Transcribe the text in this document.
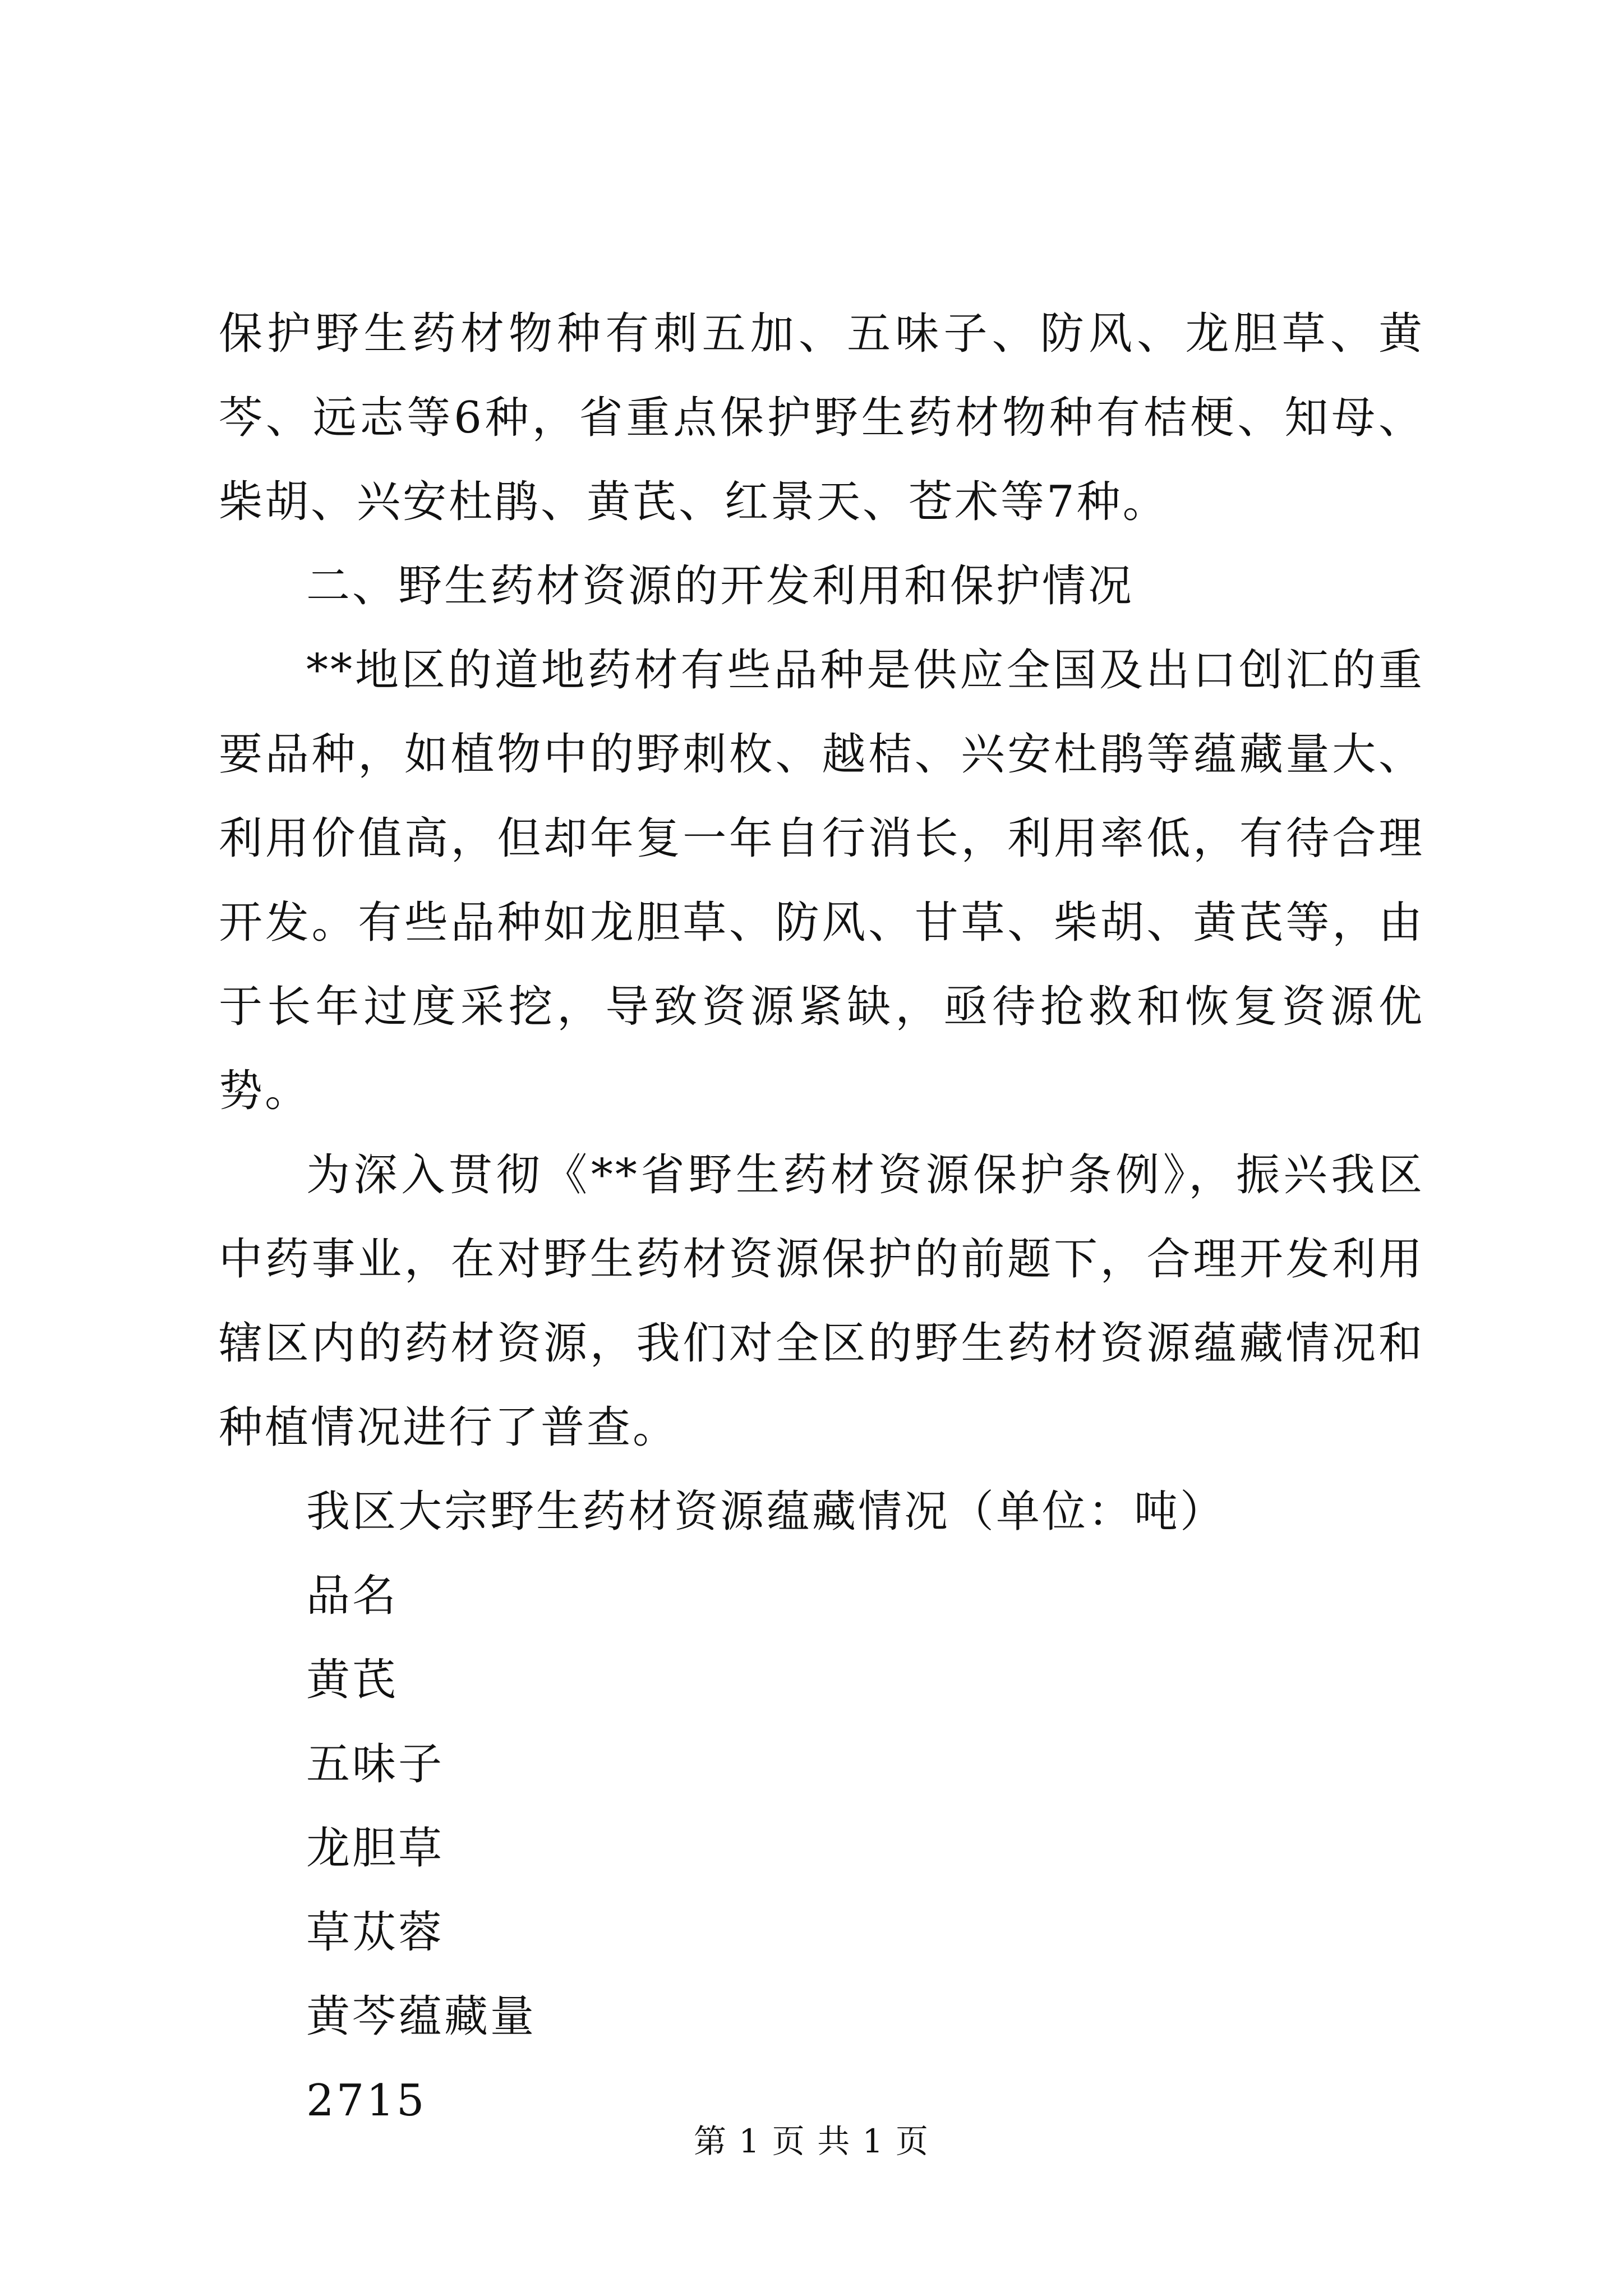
保护野生药材物种有刺五加、五味子、防风、龙胆草、黄芩、远志等6种，省重点保护野生药材物种有桔梗、知母、柴胡、兴安杜鹃、黄芪、红景天、苍术等7种。

二、野生药材资源的开发利用和保护情况

**地区的道地药材有些品种是供应全国及出口创汇的重要品种，如植物中的野刺枚、越桔、兴安杜鹃等蕴藏量大、利用价值高，但却年复一年自行消长，利用率低，有待合理开发。有些品种如龙胆草、防风、甘草、柴胡、黄芪等，由于长年过度采挖，导致资源紧缺，亟待抢救和恢复资源优势。

为深入贯彻《**省野生药材资源保护条例》，振兴我区中药事业，在对野生药材资源保护的前题下，合理开发利用辖区内的药材资源，我们对全区的野生药材资源蕴藏情况和种植情况进行了普查。

我区大宗野生药材资源蕴藏情况（单位：吨）

品名

黄芪

五味子

龙胆草

草苁蓉

黄芩蕴藏量

2715

第 1 页 共 1 页
